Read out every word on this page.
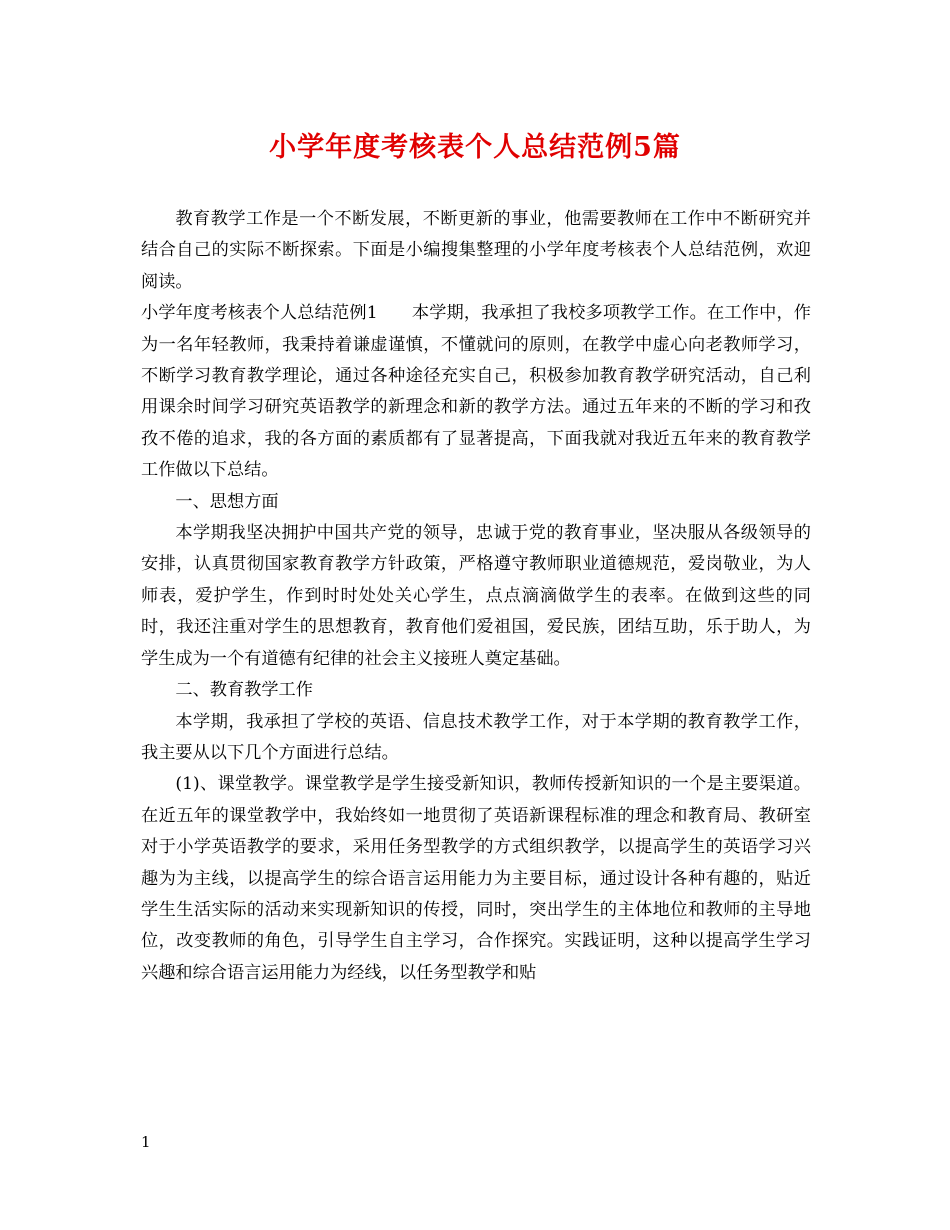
小学年度考核表个人总结范例5篇

教育教学工作是一个不断发展，不断更新的事业，他需要教师在工作中不断研究并结合自己的实际不断探索。下面是小编搜集整理的小学年度考核表个人总结范例，欢迎阅读。

小学年度考核表个人总结范例1 本学期，我承担了我校多项教学工作。在工作中，作为一名年轻教师，我秉持着谦虚谨慎，不懂就问的原则，在教学中虚心向老教师学习，不断学习教育教学理论，通过各种途径充实自己，积极参加教育教学研究活动，自己利用课余时间学习研究英语教学的新理念和新的教学方法。通过五年来的不断的学习和孜孜不倦的追求，我的各方面的素质都有了显著提高，下面我就对我近五年来的教育教学工作做以下总结。

一、思想方面

本学期我坚决拥护中国共产党的领导，忠诚于党的教育事业，坚决服从各级领导的安排，认真贯彻国家教育教学方针政策，严格遵守教师职业道德规范，爱岗敬业，为人师表，爱护学生，作到时时处处关心学生，点点滴滴做学生的表率。在做到这些的同时，我还注重对学生的思想教育，教育他们爱祖国，爱民族，团结互助，乐于助人，为学生成为一个有道德有纪律的社会主义接班人奠定基础。

二、教育教学工作

本学期，我承担了学校的英语、信息技术教学工作，对于本学期的教育教学工作，我主要从以下几个方面进行总结。

(1)、课堂教学。课堂教学是学生接受新知识，教师传授新知识的一个是主要渠道。在近五年的课堂教学中，我始终如一地贯彻了英语新课程标准的理念和教育局、教研室对于小学英语教学的要求，采用任务型教学的方式组织教学，以提高学生的英语学习兴趣为为主线，以提高学生的综合语言运用能力为主要目标，通过设计各种有趣的，贴近学生生活实际的活动来实现新知识的传授，同时，突出学生的主体地位和教师的主导地位，改变教师的角色，引导学生自主学习，合作探究。实践证明，这种以提高学生学习兴趣和综合语言运用能力为经线，以任务型教学和贴

1
